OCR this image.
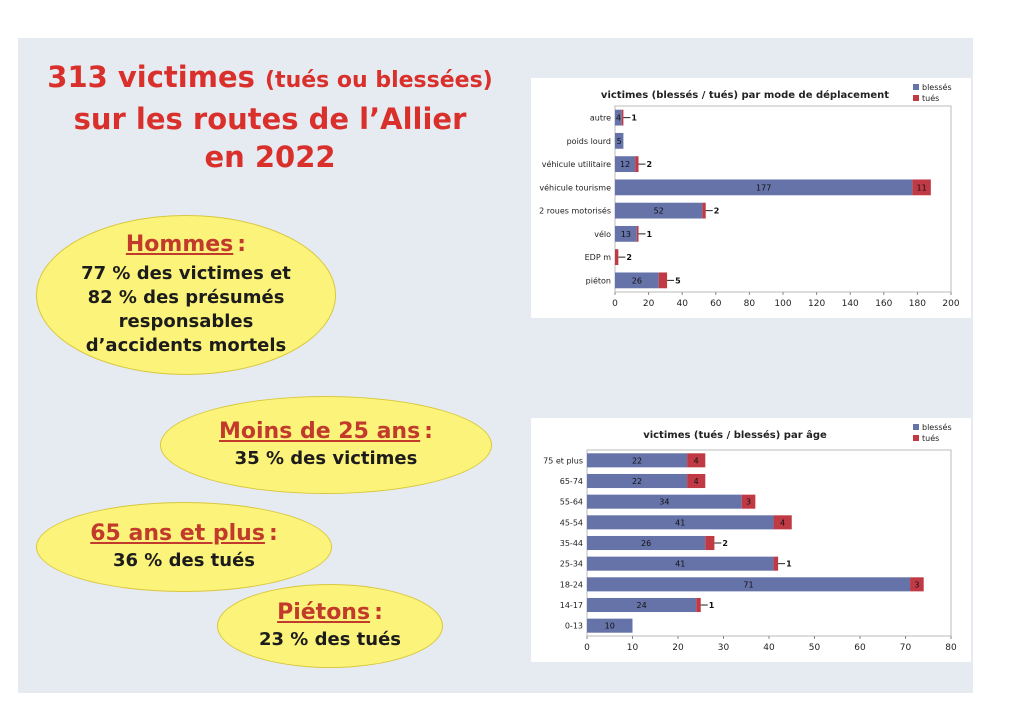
313 victimes (tués ou blessées)
sur les routes de l’Allier
en 2022
Hommes :
77 % des victimes et
82 % des présumés
responsables
d’accidents mortels
Moins de 25 ans :
35 % des victimes
65 ans et plus :
36 % des tués
Piétons :
23 % des tués
victimes (blessés / tués) par mode de déplacement
blessés
tués
0	20 40 60 80 100 120 140 160 180 200
autre 4 1
poids lourd 5
véhicule utilitaire 12 2
véhicule tourisme	177	11
2 roues motorisés	52	2
vélo 13 1
EDP m 2
piéton	26	5
victimes (tués / blessés) par âge
blessés
tués
0	10	20	30	40	50	60	70	80
75 et plus	22	4
65-74	22	4
55-64	34	3
45-54	41	4
35-44	26	2
25-34	41	1
18-24	71	3
14-17	24	1
0-13	10
